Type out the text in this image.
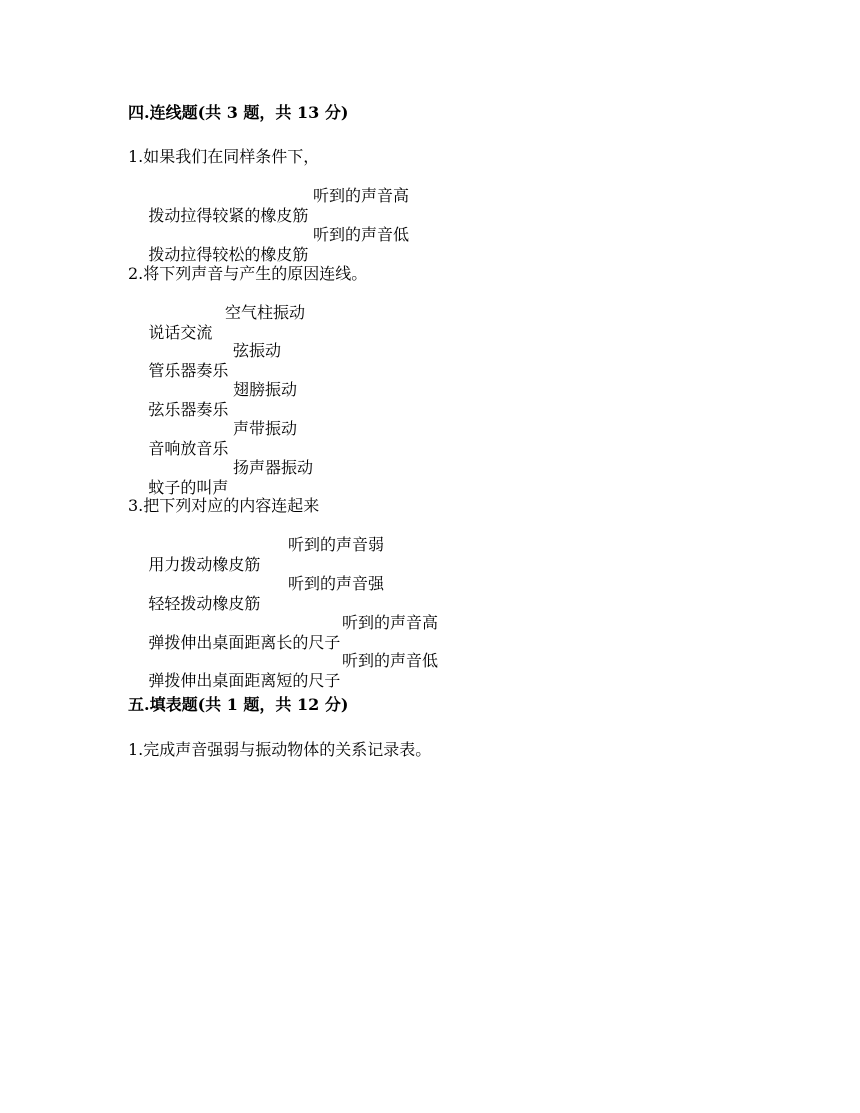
四.连线题(共 3 题，共 13 分)
1.如果我们在同样条件下，

拨动拉得较紧的橡皮筋

听到的声音高

拨动拉得较松的橡皮筋

听到的声音低

2.将下列声音与产生的原因连线。

说话交流

空气柱振动

管乐器奏乐

弦振动

弦乐器奏乐

翅膀振动

音响放音乐

声带振动

蚊子的叫声

扬声器振动

3.把下列对应的内容连起来

用力拨动橡皮筋

听到的声音弱

轻轻拨动橡皮筋

听到的声音强

弹拨伸出桌面距离长的尺子

听到的声音高

弹拨伸出桌面距离短的尺子

听到的声音低

五.填表题(共 1 题，共 12 分)
1.完成声音强弱与振动物体的关系记录表。
